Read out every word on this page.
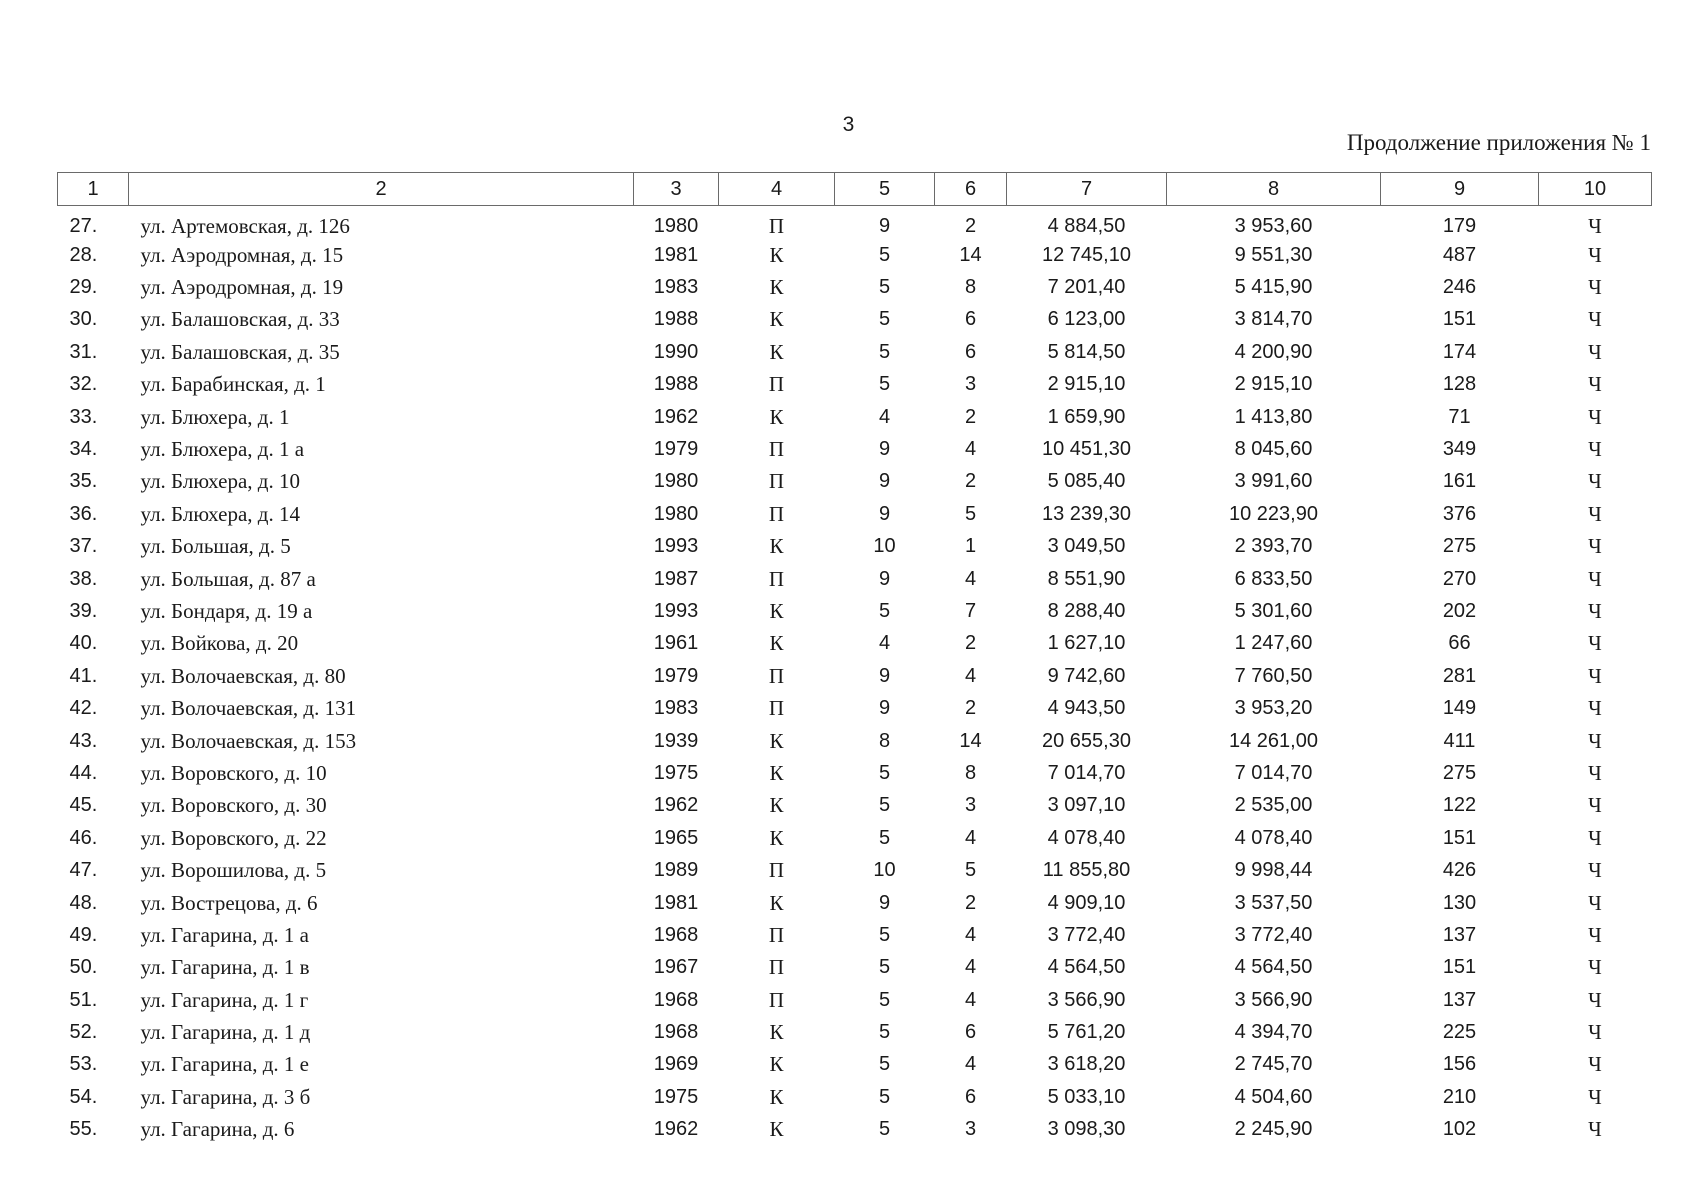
3
Продолжение приложения № 1
1	2	3	4	5	6	7	8	9	10
27.	ул. Артемовская, д. 126	1980	П	9	2	4 884,50	3 953,60	179	Ч
28.	ул. Аэродромная, д. 15	1981	К	5	14	12 745,10	9 551,30	487	Ч
29.	ул. Аэродромная, д. 19	1983	К	5	8	7 201,40	5 415,90	246	Ч
30.	ул. Балашовская, д. 33	1988	К	5	6	6 123,00	3 814,70	151	Ч
31.	ул. Балашовская, д. 35	1990	К	5	6	5 814,50	4 200,90	174	Ч
32.	ул. Барабинская, д. 1	1988	П	5	3	2 915,10	2 915,10	128	Ч
33.	ул. Блюхера, д. 1	1962	К	4	2	1 659,90	1 413,80	71	Ч
34.	ул. Блюхера, д. 1 а	1979	П	9	4	10 451,30	8 045,60	349	Ч
35.	ул. Блюхера, д. 10	1980	П	9	2	5 085,40	3 991,60	161	Ч
36.	ул. Блюхера, д. 14	1980	П	9	5	13 239,30	10 223,90	376	Ч
37.	ул. Большая, д. 5	1993	К	10	1	3 049,50	2 393,70	275	Ч
38.	ул. Большая, д. 87 а	1987	П	9	4	8 551,90	6 833,50	270	Ч
39.	ул. Бондаря, д. 19 а	1993	К	5	7	8 288,40	5 301,60	202	Ч
40.	ул. Войкова, д. 20	1961	К	4	2	1 627,10	1 247,60	66	Ч
41.	ул. Волочаевская, д. 80	1979	П	9	4	9 742,60	7 760,50	281	Ч
42.	ул. Волочаевская, д. 131	1983	П	9	2	4 943,50	3 953,20	149	Ч
43.	ул. Волочаевская, д. 153	1939	К	8	14	20 655,30	14 261,00	411	Ч
44.	ул. Воровского, д. 10	1975	К	5	8	7 014,70	7 014,70	275	Ч
45.	ул. Воровского, д. 30	1962	К	5	3	3 097,10	2 535,00	122	Ч
46.	ул. Воровского, д. 22	1965	К	5	4	4 078,40	4 078,40	151	Ч
47.	ул. Ворошилова, д. 5	1989	П	10	5	11 855,80	9 998,44	426	Ч
48.	ул. Вострецова, д. 6	1981	К	9	2	4 909,10	3 537,50	130	Ч
49.	ул. Гагарина, д. 1 а	1968	П	5	4	3 772,40	3 772,40	137	Ч
50.	ул. Гагарина, д. 1 в	1967	П	5	4	4 564,50	4 564,50	151	Ч
51.	ул. Гагарина, д. 1 г	1968	П	5	4	3 566,90	3 566,90	137	Ч
52.	ул. Гагарина, д. 1 д	1968	К	5	6	5 761,20	4 394,70	225	Ч
53.	ул. Гагарина, д. 1 е	1969	К	5	4	3 618,20	2 745,70	156	Ч
54.	ул. Гагарина, д. 3 б	1975	К	5	6	5 033,10	4 504,60	210	Ч
55.	ул. Гагарина, д. 6	1962	К	5	3	3 098,30	2 245,90	102	Ч
